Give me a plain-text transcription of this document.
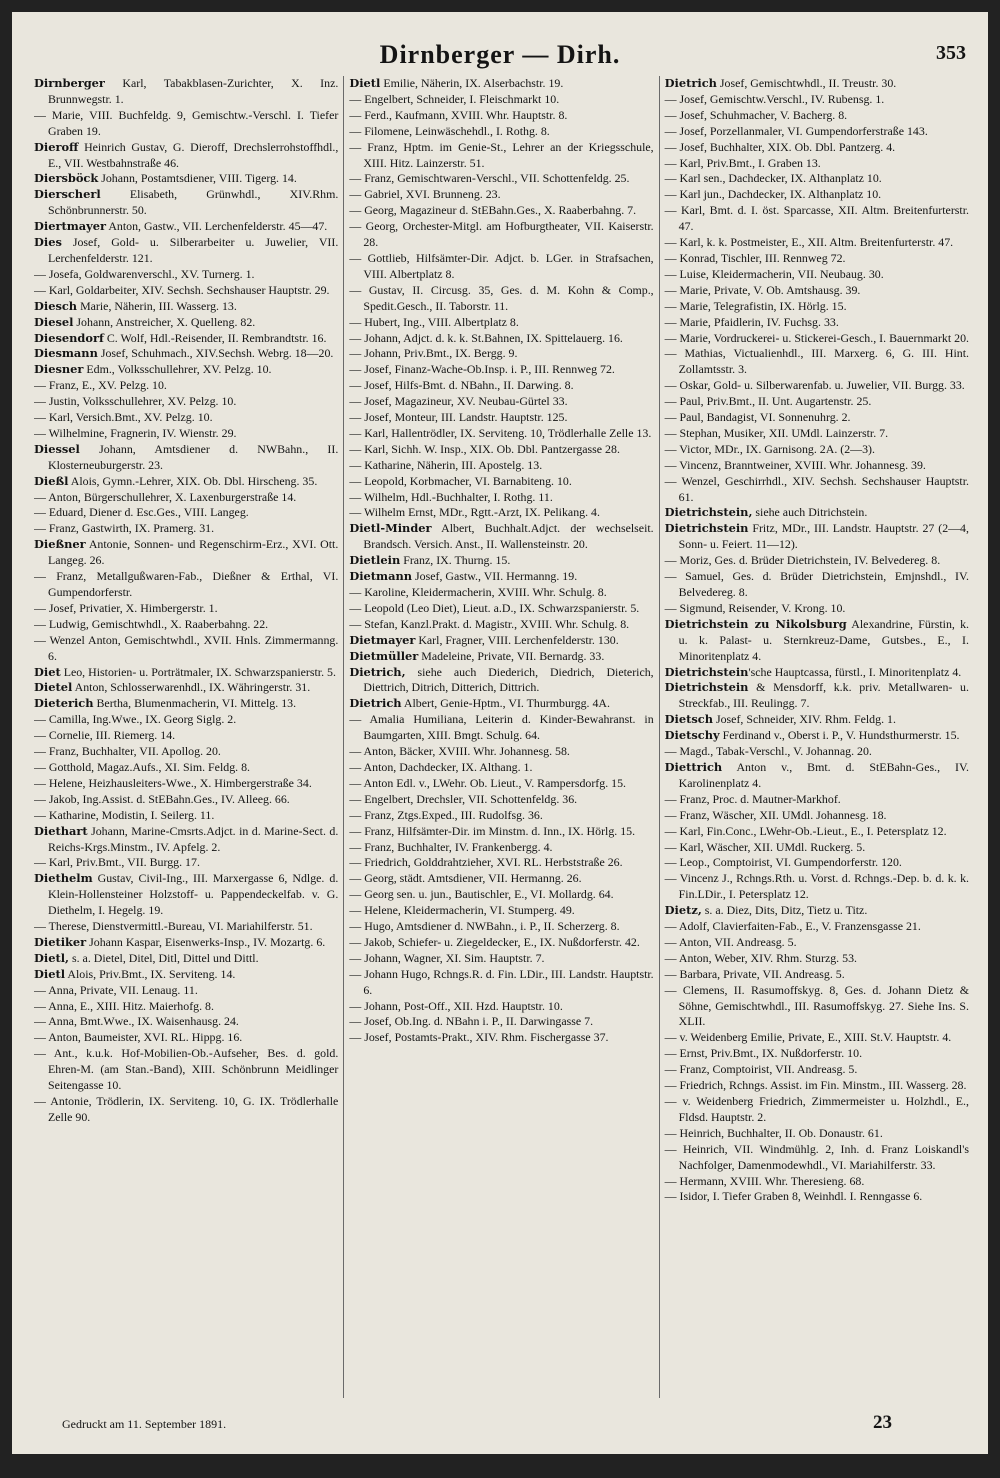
Dirnberger — Dirh.	353

Dirnberger Karl, Tabakblasen-Zurichter, X. Inz. Brunnwegstr. 1.

— Marie, VIII. Buchfeldg. 9, Gemischtw.-Verschl. I. Tiefer Graben 19.

Dieroff Heinrich Gustav, G. Dieroff, Drechslerrohstoffhdl., E., VII. Westbahnstraße 46.

Diersböck Johann, Postamtsdiener, VIII. Tigerg. 14.

Dierscherl Elisabeth, Grünwhdl., XIV.Rhm. Schönbrunnerstr. 50.

Diertmayer Anton, Gastw., VII. Lerchenfelderstr. 45—47.

Dies Josef, Gold- u. Silberarbeiter u. Juwelier, VII. Lerchenfelderstr. 121.

— Josefa, Goldwarenverschl., XV. Turnerg. 1.

— Karl, Goldarbeiter, XIV. Sechsh. Sechshauser Hauptstr. 29.

Diesch Marie, Näherin, III. Wasserg. 13.

Diesel Johann, Anstreicher, X. Quelleng. 82.

Diesendorf C. Wolf, Hdl.-Reisender, II. Rembrandtstr. 16.

Diesmann Josef, Schuhmach., XIV.Sechsh. Webrg. 18—20.

Diesner Edm., Volksschullehrer, XV. Pelzg. 10.

— Franz, E., XV. Pelzg. 10.

— Justin, Volksschullehrer, XV. Pelzg. 10.

— Karl, Versich.Bmt., XV. Pelzg. 10.

— Wilhelmine, Fragnerin, IV. Wienstr. 29.

Diessel Johann, Amtsdiener d. NWBahn., II. Klosterneuburgerstr. 23.

Dießl Alois, Gymn.-Lehrer, XIX. Ob. Dbl. Hirscheng. 35.

— Anton, Bürgerschullehrer, X. Laxenburgerstraße 14.

— Eduard, Diener d. Esc.Ges., VIII. Langeg.

— Franz, Gastwirth, IX. Pramerg. 31.

Dießner Antonie, Sonnen- und Regenschirm-Erz., XVI. Ott. Langeg. 26.

— Franz, Metallgußwaren-Fab., Dießner & Erthal, VI. Gumpendorferstr.

— Josef, Privatier, X. Himbergerstr. 1.

— Ludwig, Gemischtwhdl., X. Raaberbahng. 22.

— Wenzel Anton, Gemischtwhdl., XVII. Hnls. Zimmermanng. 6.

Diet Leo, Historien- u. Porträtmaler, IX. Schwarzspanierstr. 5.

Dietel Anton, Schlosserwarenhdl., IX. Währingerstr. 31.

Dieterich Bertha, Blumenmacherin, VI. Mittelg. 13.

— Camilla, Ing.Wwe., IX. Georg Siglg. 2.

— Cornelie, III. Riemerg. 14.

— Franz, Buchhalter, VII. Apollog. 20.

— Gotthold, Magaz.Aufs., XI. Sim. Feldg. 8.

— Helene, Heizhausleiters-Wwe., X. Himbergerstraße 34.

— Jakob, Ing.Assist. d. StEBahn.Ges., IV. Alleeg. 66.

— Katharine, Modistin, I. Seilerg. 11.

Diethart Johann, Marine-Cmsrts.Adjct. in d. Marine-Sect. d. Reichs-Krgs.Minstm., IV. Apfelg. 2.

— Karl, Priv.Bmt., VII. Burgg. 17.

Diethelm Gustav, Civil-Ing., III. Marxergasse 6, Ndlge. d. Klein-Hollensteiner Holzstoff- u. Pappendeckelfab. v. G. Diethelm, I. Hegelg. 19.

— Therese, Dienstvermittl.-Bureau, VI. Mariahilferstr. 51.

Dietiker Johann Kaspar, Eisenwerks-Insp., IV. Mozartg. 6.

Dietl, s. a. Dietel, Ditel, Ditl, Dittel und Dittl.

Dietl Alois, Priv.Bmt., IX. Serviteng. 14.

— Anna, Private, VII. Lenaug. 11.

— Anna, E., XIII. Hitz. Maierhofg. 8.

— Anna, Bmt.Wwe., IX. Waisenhausg. 24.

— Anton, Baumeister, XVI. RL. Hippg. 16.

— Ant., k.u.k. Hof-Mobilien-Ob.-Aufseher, Bes. d. gold. Ehren-M. (am Stan.-Band), XIII. Schönbrunn Meidlinger Seitengasse 10.

— Antonie, Trödlerin, IX. Serviteng. 10, G. IX. Trödlerhalle Zelle 90.

Dietl Emilie, Näherin, IX. Alserbachstr. 19.

— Engelbert, Schneider, I. Fleischmarkt 10.

— Ferd., Kaufmann, XVIII. Whr. Hauptstr. 8.

— Filomene, Leinwäschehdl., I. Rothg. 8.

— Franz, Hptm. im Genie-St., Lehrer an der Kriegsschule, XIII. Hitz. Lainzerstr. 51.

— Franz, Gemischtwaren-Verschl., VII. Schottenfeldg. 25.

— Gabriel, XVI. Brunneng. 23.

— Georg, Magazineur d. StEBahn.Ges., X. Raaberbahng. 7.

— Georg, Orchester-Mitgl. am Hofburgtheater, VII. Kaiserstr. 28.

— Gottlieb, Hilfsämter-Dir. Adjct. b. LGer. in Strafsachen, VIII. Albertplatz 8.

— Gustav, II. Circusg. 35, Ges. d. M. Kohn & Comp., Spedit.Gesch., II. Taborstr. 11.

— Hubert, Ing., VIII. Albertplatz 8.

— Johann, Adjct. d. k. k. St.Bahnen, IX. Spittelauerg. 16.

— Johann, Priv.Bmt., IX. Bergg. 9.

— Josef, Finanz-Wache-Ob.Insp. i. P., III. Rennweg 72.

— Josef, Hilfs-Bmt. d. NBahn., II. Darwing. 8.

— Josef, Magazineur, XV. Neubau-Gürtel 33.

— Josef, Monteur, III. Landstr. Hauptstr. 125.

— Karl, Hallentrödler, IX. Serviteng. 10, Trödlerhalle Zelle 13.

— Karl, Sichh. W. Insp., XIX. Ob. Dbl. Pantzergasse 28.

— Katharine, Näherin, III. Apostelg. 13.

— Leopold, Korbmacher, VI. Barnabiteng. 10.

— Wilhelm, Hdl.-Buchhalter, I. Rothg. 11.

— Wilhelm Ernst, MDr., Rgtt.-Arzt, IX. Pelikang. 4.

Dietl-Minder Albert, Buchhalt.Adjct. der wechselseit. Brandsch. Versich. Anst., II. Wallensteinstr. 20.

Dietlein Franz, IX. Thurng. 15.

Dietmann Josef, Gastw., VII. Hermanng. 19.

— Karoline, Kleidermacherin, XVIII. Whr. Schulg. 8.

— Leopold (Leo Diet), Lieut. a.D., IX. Schwarzspanierstr. 5.

— Stefan, Kanzl.Prakt. d. Magistr., XVIII. Whr. Schulg. 8.

Dietmayer Karl, Fragner, VIII. Lerchenfelderstr. 130.

Dietmüller Madeleine, Private, VII. Bernardg. 33.

Dietrich, siehe auch Diederich, Diedrich, Dieterich, Diettrich, Ditrich, Ditterich, Dittrich.

Dietrich Albert, Genie-Hptm., VI. Thurmburgg. 4A.

— Amalia Humiliana, Leiterin d. Kinder-Bewahranst. in Baumgarten, XIII. Bmgt. Schulg. 64.

— Anton, Bäcker, XVIII. Whr. Johannesg. 58.

— Anton, Dachdecker, IX. Althang. 1.

— Anton Edl. v., LWehr. Ob. Lieut., V. Rampersdorfg. 15.

— Engelbert, Drechsler, VII. Schottenfeldg. 36.

— Franz, Ztgs.Exped., III. Rudolfsg. 36.

— Franz, Hilfsämter-Dir. im Minstm. d. Inn., IX. Hörlg. 15.

— Franz, Buchhalter, IV. Frankenbergg. 4.

— Friedrich, Golddrahtzieher, XVI. RL. Herbststraße 26.

— Georg, städt. Amtsdiener, VII. Hermanng. 26.

— Georg sen. u. jun., Bautischler, E., VI. Mollardg. 64.

— Helene, Kleidermacherin, VI. Stumperg. 49.

— Hugo, Amtsdiener d. NWBahn., i. P., II. Scherzerg. 8.

— Jakob, Schiefer- u. Ziegeldecker, E., IX. Nußdorferstr. 42.

— Johann, Wagner, XI. Sim. Hauptstr. 7.

— Johann Hugo, Rchngs.R. d. Fin. LDir., III. Landstr. Hauptstr. 6.

— Johann, Post-Off., XII. Hzd. Hauptstr. 10.

— Josef, Ob.Ing. d. NBahn i. P., II. Darwingasse 7.

— Josef, Postamts-Prakt., XIV. Rhm. Fischergasse 37.

Dietrich Josef, Gemischtwhdl., II. Treustr. 30.

— Josef, Gemischtw.Verschl., IV. Rubensg. 1.

— Josef, Schuhmacher, V. Bacherg. 8.

— Josef, Porzellanmaler, VI. Gumpendorferstraße 143.

— Josef, Buchhalter, XIX. Ob. Dbl. Pantzerg. 4.

— Karl, Priv.Bmt., I. Graben 13.

— Karl sen., Dachdecker, IX. Althanplatz 10.

— Karl jun., Dachdecker, IX. Althanplatz 10.

— Karl, Bmt. d. I. öst. Sparcasse, XII. Altm. Breitenfurterstr. 47.

— Karl, k. k. Postmeister, E., XII. Altm. Breitenfurterstr. 47.

— Konrad, Tischler, III. Rennweg 72.

— Luise, Kleidermacherin, VII. Neubaug. 30.

— Marie, Private, V. Ob. Amtshausg. 39.

— Marie, Telegrafistin, IX. Hörlg. 15.

— Marie, Pfaidlerin, IV. Fuchsg. 33.

— Marie, Vordruckerei- u. Stickerei-Gesch., I. Bauernmarkt 20.

— Mathias, Victualienhdl., III. Marxerg. 6, G. III. Hint. Zollamtsstr. 3.

— Oskar, Gold- u. Silberwarenfab. u. Juwelier, VII. Burgg. 33.

— Paul, Priv.Bmt., II. Unt. Augartenstr. 25.

— Paul, Bandagist, VI. Sonnenuhrg. 2.

— Stephan, Musiker, XII. UMdl. Lainzerstr. 7.

— Victor, MDr., IX. Garnisong. 2A. (2—3).

— Vincenz, Branntweiner, XVIII. Whr. Johannesg. 39.

— Wenzel, Geschirrhdl., XIV. Sechsh. Sechshauser Hauptstr. 61.

Dietrichstein, siehe auch Ditrichstein.

Dietrichstein Fritz, MDr., III. Landstr. Hauptstr. 27 (2—4, Sonn- u. Feiert. 11—12).

— Moriz, Ges. d. Brüder Dietrichstein, IV. Belvedereg. 8.

— Samuel, Ges. d. Brüder Dietrichstein, Emjnshdl., IV. Belvedereg. 8.

— Sigmund, Reisender, V. Krong. 10.

Dietrichstein zu Nikolsburg Alexandrine, Fürstin, k. u. k. Palast- u. Sternkreuz-Dame, Gutsbes., E., I. Minoritenplatz 4.

Dietrichstein'sche Hauptcassa, fürstl., I. Minoritenplatz 4.

Dietrichstein & Mensdorff, k.k. priv. Metallwaren- u. Streckfab., III. Reulingg. 7.

Dietsch Josef, Schneider, XIV. Rhm. Feldg. 1.

Dietschy Ferdinand v., Oberst i. P., V. Hundsthurmerstr. 15.

— Magd., Tabak-Verschl., V. Johannag. 20.

Diettrich Anton v., Bmt. d. StEBahn-Ges., IV. Karolinenplatz 4.

— Franz, Proc. d. Mautner-Markhof.

— Franz, Wäscher, XII. UMdl. Johannesg. 18.

— Karl, Fin.Conc., LWehr-Ob.-Lieut., E., I. Petersplatz 12.

— Karl, Wäscher, XII. UMdl. Ruckerg. 5.

— Leop., Comptoirist, VI. Gumpendorferstr. 120.

— Vincenz J., Rchngs.Rth. u. Vorst. d. Rchngs.-Dep. b. d. k. k. Fin.LDir., I. Petersplatz 12.

Dietz, s. a. Diez, Dits, Ditz, Tietz u. Titz.

— Adolf, Clavierfaiten-Fab., E., V. Franzensgasse 21.

— Anton, VII. Andreasg. 5.

— Anton, Weber, XIV. Rhm. Sturzg. 53.

— Barbara, Private, VII. Andreasg. 5.

— Clemens, II. Rasumoffskyg. 8, Ges. d. Johann Dietz & Söhne, Gemischtwhdl., III. Rasumoffskyg. 27. Siehe Ins. S. XLII.

— v. Weidenberg Emilie, Private, E., XIII. St.V. Hauptstr. 4.

— Ernst, Priv.Bmt., IX. Nußdorferstr. 10.

— Franz, Comptoirist, VII. Andreasg. 5.

— Friedrich, Rchngs. Assist. im Fin. Minstm., III. Wasserg. 28.

— v. Weidenberg Friedrich, Zimmermeister u. Holzhdl., E., Fldsd. Hauptstr. 2.

— Heinrich, Buchhalter, II. Ob. Donaustr. 61.

— Heinrich, VII. Windmühlg. 2, Inh. d. Franz Loiskandl's Nachfolger, Damenmodewhdl., VI. Mariahilferstr. 33.

— Hermann, XVIII. Whr. Theresieng. 68.

— Isidor, I. Tiefer Graben 8, Weinhdl. I. Renngasse 6.

Gedruckt am 11. September 1891.	23
